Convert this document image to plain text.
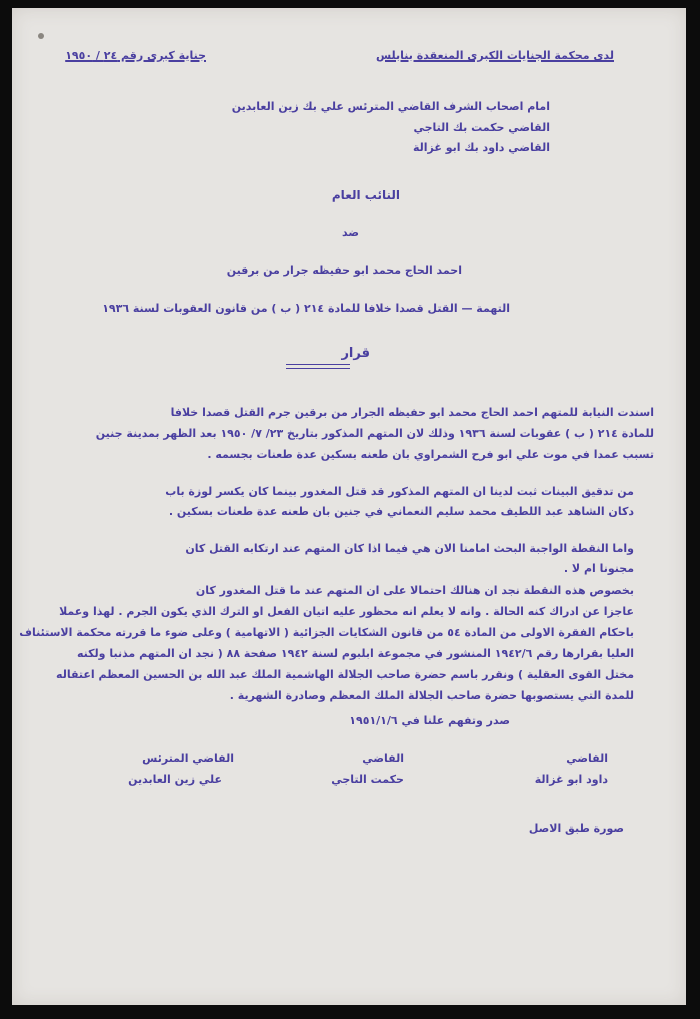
لدى محكمة الجنايات الكبرى المنعقدة بنابلس
جناية كبرى رقم ٢٤ / ١٩٥٠
امام اصحاب الشرف القاضي المترئس علي بك زين العابدين
القاضي حكمت بك التاجي
القاضي داود بك ابو غزالة
النائب العام
ضد
احمد الحاج محمد ابو حفيظه جرار من برقين
التهمة — القتل قصدا خلافا للمادة ٢١٤ ( ب ) من قانون العقوبات لسنة ١٩٣٦
قرار
اسندت النيابة للمتهم احمد الحاج محمد ابو حفيظه الجرار من برقين جرم القتل قصدا خلافا
للمادة ٢١٤ ( ب ) عقوبات لسنة ١٩٣٦ وذلك لان المتهم المذكور بتاريخ ٢٣/ ٧/ ١٩٥٠ بعد الظهر بمدينة جنين
تسبب عمدا في موت علي ابو فرح الشمراوي بان طعنه بسكين عدة طعنات بجسمه .
من تدقيق البينات ثبت لدينا ان المتهم المذكور قد قتل المغدور بينما كان يكسر لوزة باب
دكان الشاهد عبد اللطيف محمد سليم النعماني في جنين بان طعنه عدة طعنات بسكين .
واما النقطة الواجبة البحث امامنا الان هي فيما اذا كان المتهم عند ارتكابه القتل كان
مجنونا ام لا .
بخصوص هذه النقطة نجد ان هنالك احتمالا على ان المتهم عند ما قتل المغدور كان
عاجزا عن ادراك كنه الحالة . وانه لا يعلم انه محظور عليه اتيان الفعل او الترك الذي يكون الجرم . لهذا وعملا
باحكام الفقرة الاولى من المادة ٥٤ من قانون الشكايات الجزائية ( الاتهامية ) وعلى ضوء ما قررته محكمة الاستئناف
العليا بقرارها رقم ١٩٤٢/٦ المنشور في مجموعة ابلبوم لسنة ١٩٤٢ صفحة ٨٨ ( نجد ان المتهم مذنبا ولكنه
مختل القوى العقلية ) ونقرر باسم حضرة صاحب الجلالة الهاشمية الملك عبد الله بن الحسين المعظم اعتقاله
للمدة التي يستصوبها حضرة صاحب الجلالة الملك المعظم وصادرة الشهرية .
صدر وتفهم علنا في ١٩٥١/١/٦
القاضي
داود ابو غزالة
القاضي
حكمت التاجي
القاضي المترئس
علي زين العابدين
صورة طبق الاصل
